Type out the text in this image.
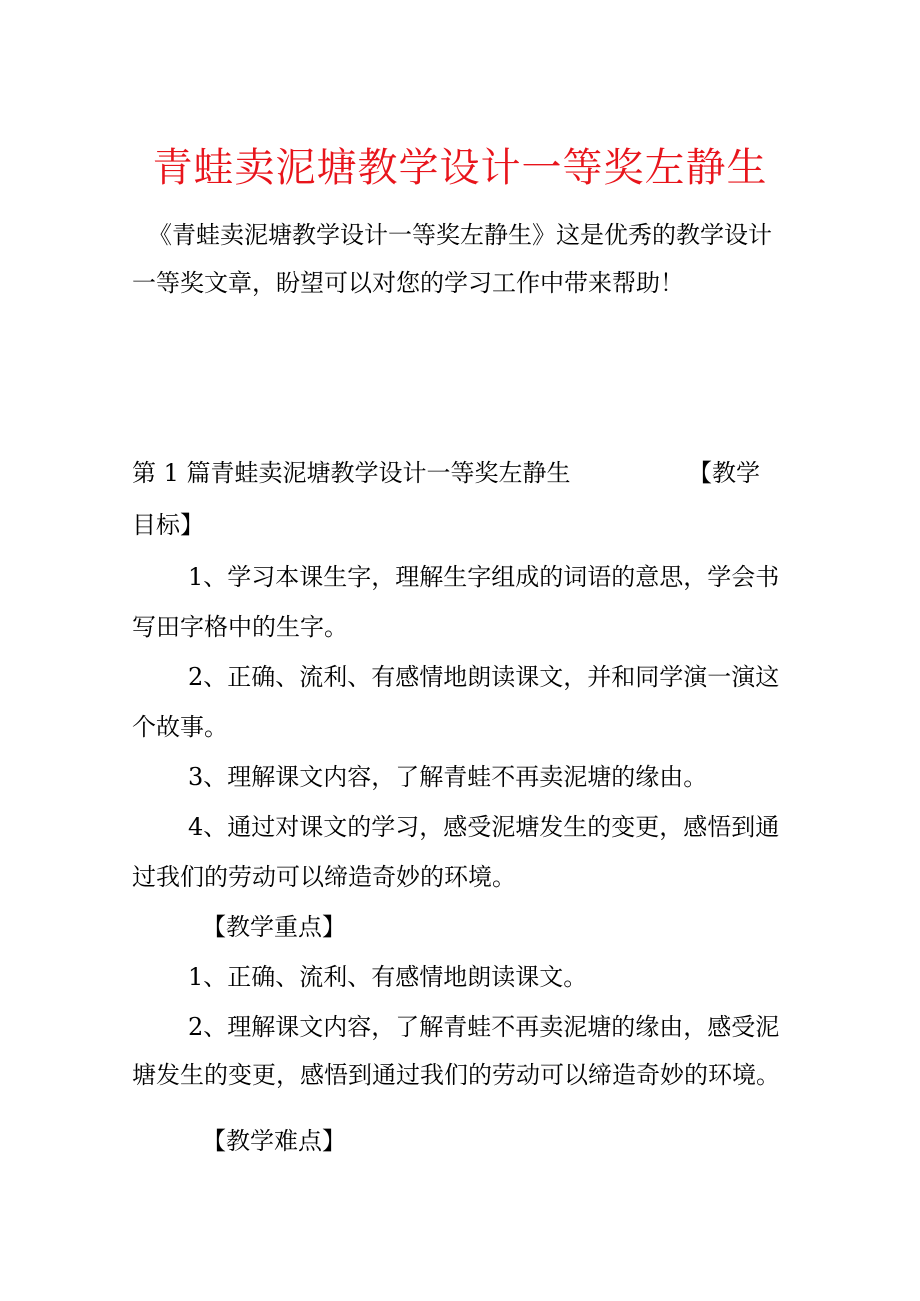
青蛙卖泥塘教学设计一等奖左静生
《青蛙卖泥塘教学设计一等奖左静生》这是优秀的教学设计
一等奖文章，盼望可以对您的学习工作中带来帮助！
第 1 篇青蛙卖泥塘教学设计一等奖左静生	【教学
目标】
1、学习本课生字，理解生字组成的词语的意思，学会书
写田字格中的生字。
2、正确、流利、有感情地朗读课文，并和同学演一演这
个故事。
3、理解课文内容，了解青蛙不再卖泥塘的缘由。
4、通过对课文的学习，感受泥塘发生的变更，感悟到通
过我们的劳动可以缔造奇妙的环境。
【教学重点】
1、正确、流利、有感情地朗读课文。
2、理解课文内容，了解青蛙不再卖泥塘的缘由，感受泥
塘发生的变更，感悟到通过我们的劳动可以缔造奇妙的环境。
【教学难点】
